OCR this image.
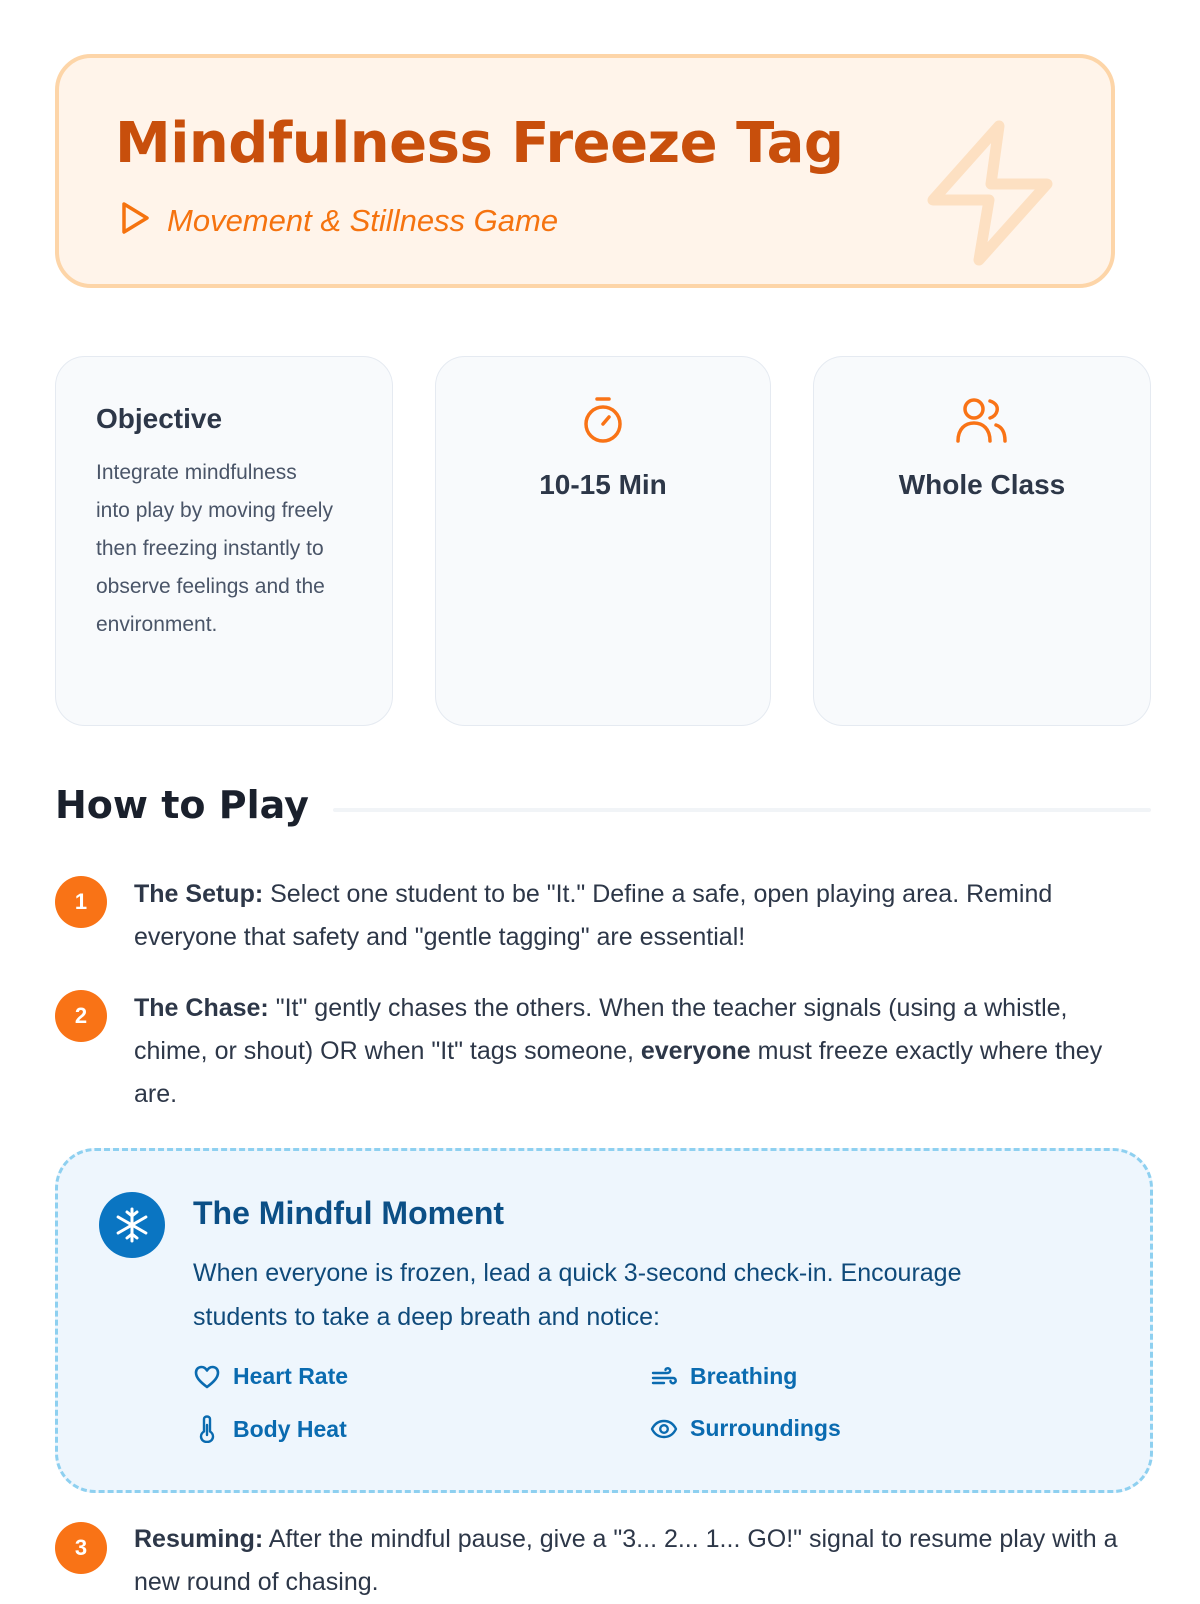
Mindfulness Freeze Tag
Movement & Stillness Game
Objective
Integrate mindfulness into play by moving freely then freezing instantly to observe feelings and the environment.
10-15 Min	Whole Class
How to Play
1	The Setup: Select one student to be "It." Define a safe, open playing area. Remind everyone that safety and "gentle tagging" are essential!
2	The Chase: "It" gently chases the others. When the teacher signals (using a whistle, chime, or shout) OR when "It" tags someone, everyone must freeze exactly where they are.
The Mindful Moment
When everyone is frozen, lead a quick 3-second check-in. Encourage students to take a deep breath and notice:
Heart Rate	Breathing
Body Heat	Surroundings
3	Resuming: After the mindful pause, give a "3... 2... 1... GO!" signal to resume play with a new round of chasing.
